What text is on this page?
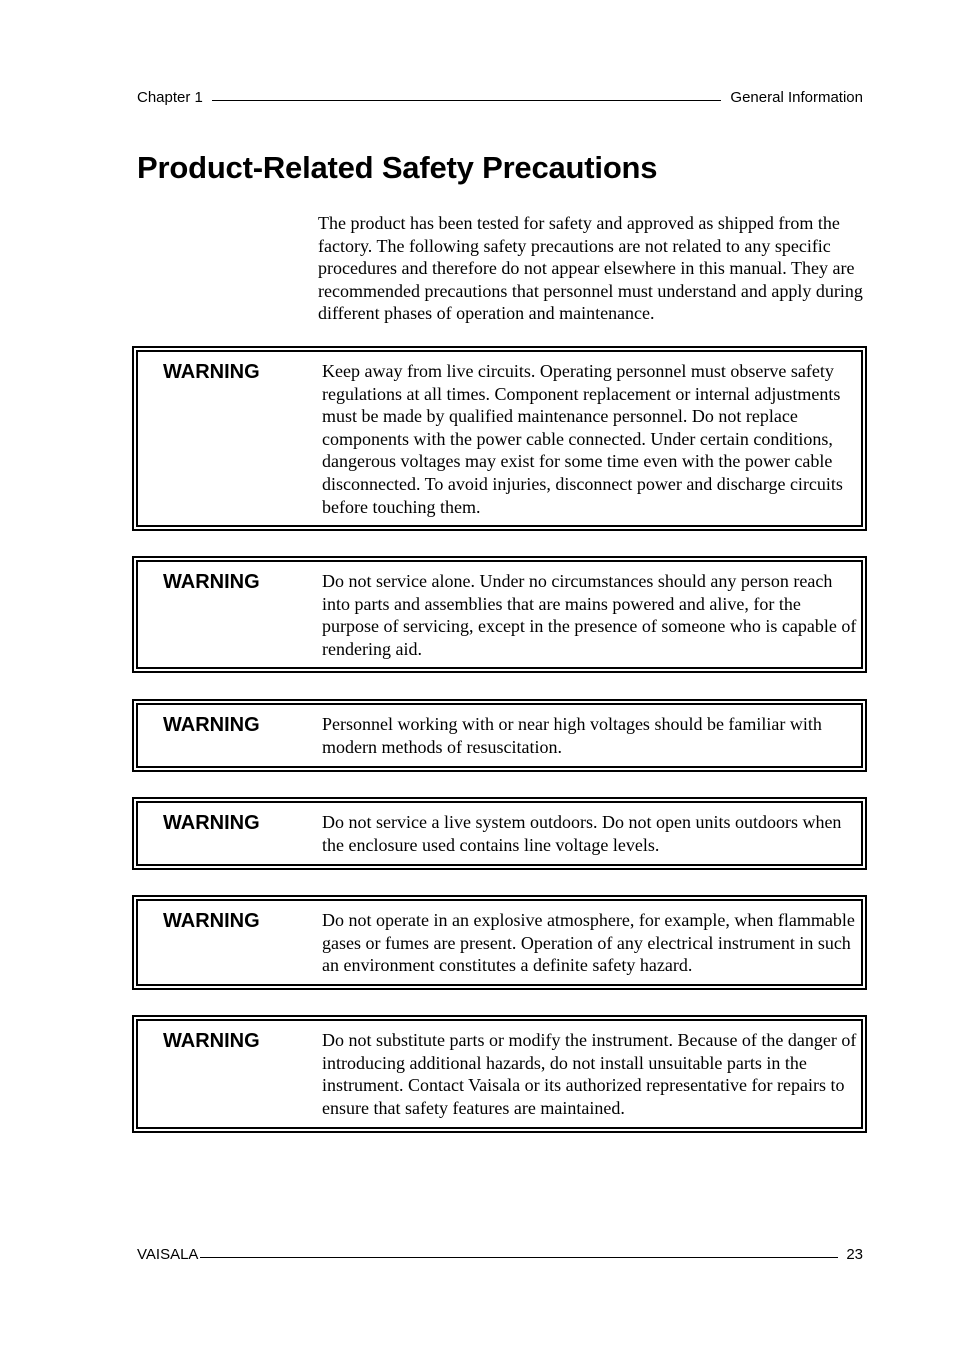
Chapter 1	General Information
Product-Related Safety Precautions

The product has been tested for safety and approved as shipped from the factory. The following safety precautions are not related to any specific procedures and therefore do not appear elsewhere in this manual. They are recommended precautions that personnel must understand and apply during different phases of operation and maintenance.

WARNING	Keep away from live circuits. Operating personnel must observe safety regulations at all times. Component replacement or internal adjustments must be made by qualified maintenance personnel. Do not replace components with the power cable connected. Under certain conditions, dangerous voltages may exist for some time even with the power cable disconnected. To avoid injuries, disconnect power and discharge circuits before touching them.
WARNING	Do not service alone. Under no circumstances should any person reach into parts and assemblies that are mains powered and alive, for the purpose of servicing, except in the presence of someone who is capable of rendering aid.
WARNING	Personnel working with or near high voltages should be familiar with modern methods of resuscitation.
WARNING	Do not service a live system outdoors. Do not open units outdoors when the enclosure used contains line voltage levels.
WARNING	Do not operate in an explosive atmosphere, for example, when flammable gases or fumes are present. Operation of any electrical instrument in such an environment constitutes a definite safety hazard.
WARNING	Do not substitute parts or modify the instrument. Because of the danger of introducing additional hazards, do not install unsuitable parts in the instrument. Contact Vaisala or its authorized representative for repairs to ensure that safety features are maintained.
VAISALA	23
